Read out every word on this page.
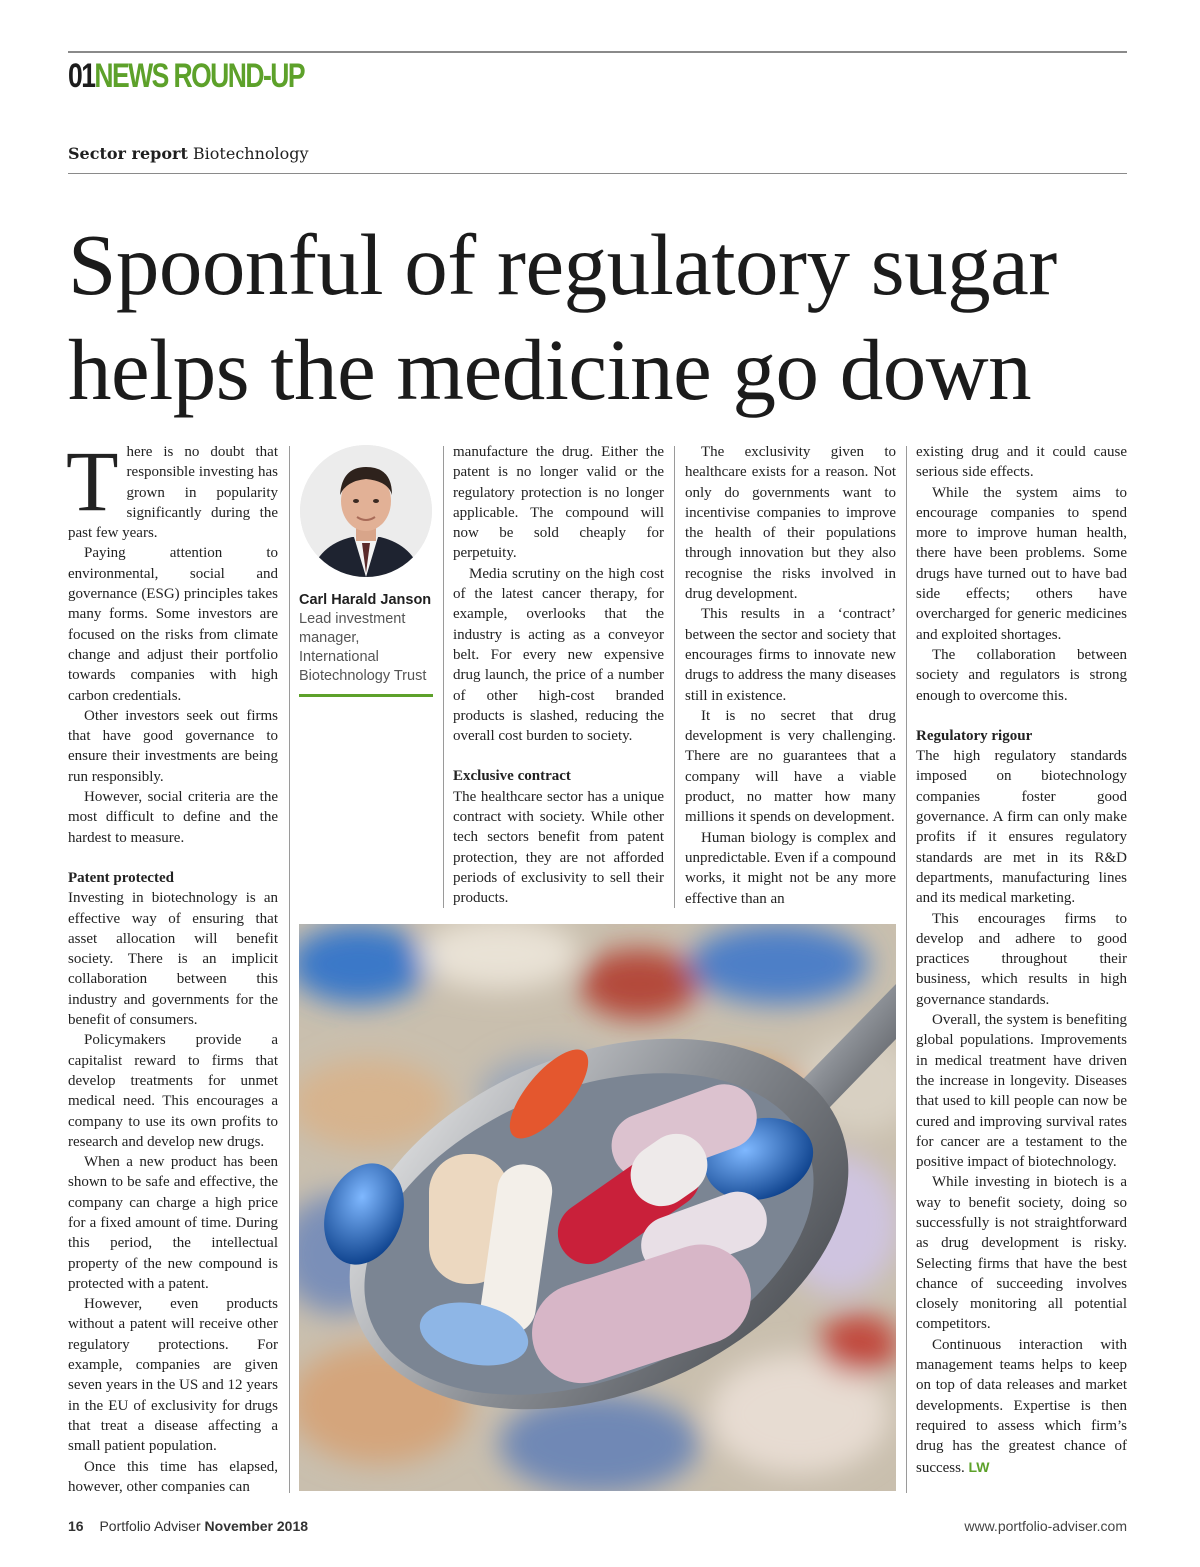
01NEWS ROUND-UP

Sector report Biotechnology

Spoonful of regulatory sugar
helps the medicine go down

There is no doubt that responsible investing has grown in popularity significantly during the past few years.

Paying attention to environmental, social and governance (ESG) principles takes many forms. Some investors are focused on the risks from climate change and adjust their portfolio towards companies with high carbon credentials.

Other investors seek out firms that have good governance to ensure their investments are being run responsibly.

However, social criteria are the most difficult to define and the hardest to measure.

Patent protected

Investing in biotechnology is an effective way of ensuring that asset allocation will benefit society. There is an implicit collaboration between this industry and governments for the benefit of consumers.

Policymakers provide a capitalist reward to firms that develop treatments for unmet medical need. This encourages a company to use its own profits to research and develop new drugs.

When a new product has been shown to be safe and effective, the company can charge a high price for a fixed amount of time. During this period, the intellectual property of the new compound is protected with a patent.

However, even products without a patent will receive other regulatory protections. For example, companies are given seven years in the US and 12 years in the EU of exclusivity for drugs that treat a disease affecting a small patient population.

Once this time has elapsed, however, other companies can

Carl Harald Janson
Lead investment manager, International Biotechnology Trust

manufacture the drug. Either the patent is no longer valid or the regulatory protection is no longer applicable. The compound will now be sold cheaply for perpetuity.

Media scrutiny on the high cost of the latest cancer therapy, for example, overlooks that the industry is acting as a conveyor belt. For every new expensive drug launch, the price of a number of other high-cost branded products is slashed, reducing the overall cost burden to society.

Exclusive contract

The healthcare sector has a unique contract with society. While other tech sectors benefit from patent protection, they are not afforded periods of exclusivity to sell their products.

The exclusivity given to healthcare exists for a reason. Not only do governments want to incentivise companies to improve the health of their populations through innovation but they also recognise the risks involved in drug development.

This results in a ‘contract’ between the sector and society that encourages firms to innovate new drugs to address the many diseases still in existence.

It is no secret that drug development is very challenging. There are no guarantees that a company will have a viable product, no matter how many millions it spends on development.

Human biology is complex and unpredictable. Even if a compound works, it might not be any more effective than an

existing drug and it could cause serious side effects.

While the system aims to encourage companies to spend more to improve human health, there have been problems. Some drugs have turned out to have bad side effects; others have overcharged for generic medicines and exploited shortages.

The collaboration between society and regulators is strong enough to overcome this.

Regulatory rigour

The high regulatory standards imposed on biotechnology companies foster good governance. A firm can only make profits if it ensures regulatory standards are met in its R&D departments, manufacturing lines and its medical marketing.

This encourages firms to develop and adhere to good practices throughout their business, which results in high governance standards.

Overall, the system is benefiting global populations. Improvements in medical treatment have driven the increase in longevity. Diseases that used to kill people can now be cured and improving survival rates for cancer are a testament to the positive impact of biotechnology.

While investing in biotech is a way to benefit society, doing so successfully is not straightforward as drug development is risky. Selecting firms that have the best chance of succeeding involves closely monitoring all potential competitors.

Continuous interaction with management teams helps to keep on top of data releases and market developments. Expertise is then required to assess which firm’s drug has the greatest chance of success. LW

16 Portfolio Adviser November 2018	www.portfolio-adviser.com
